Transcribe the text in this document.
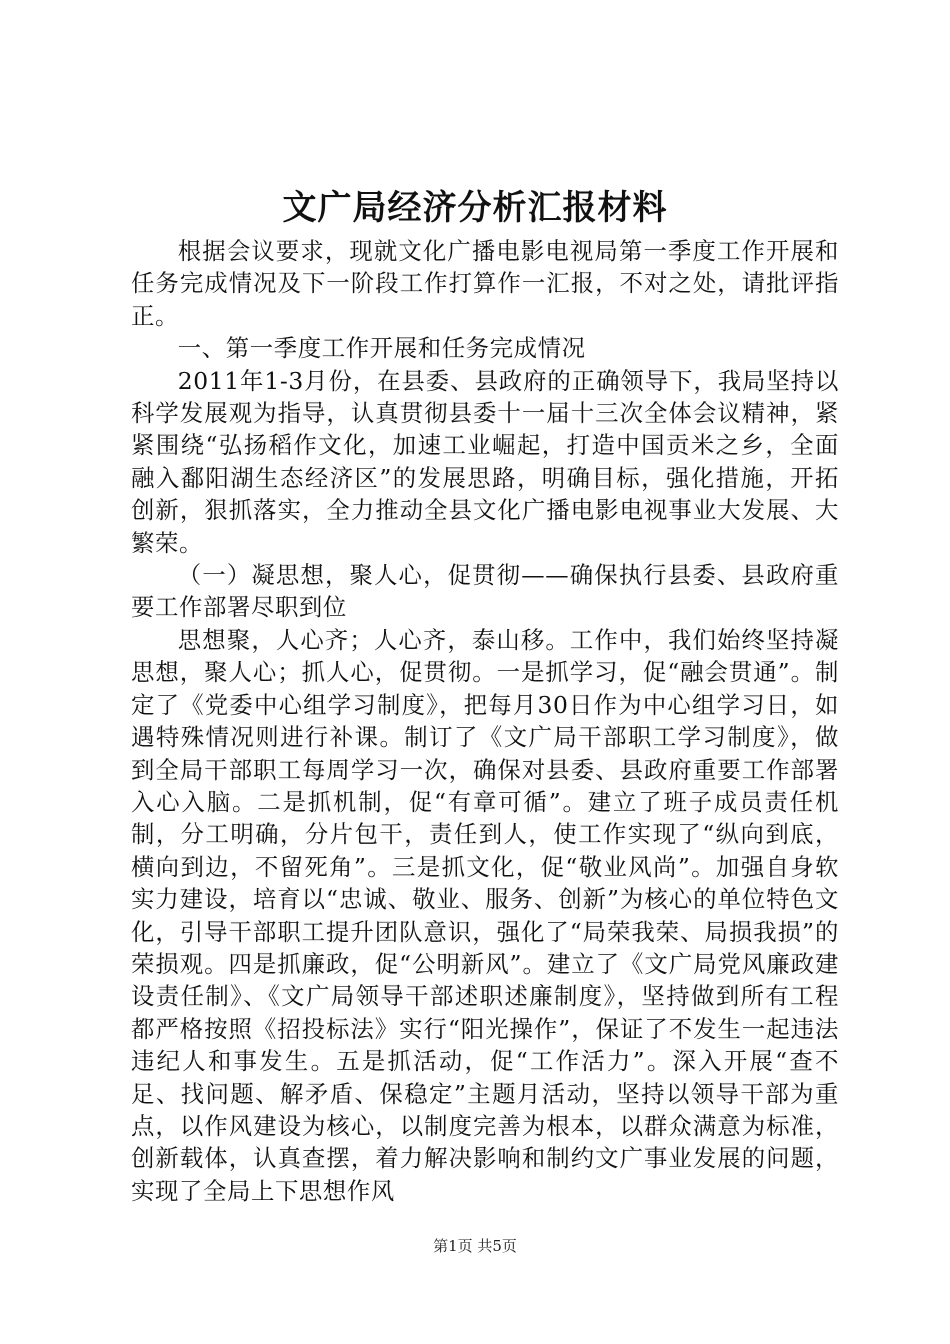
文广局经济分析汇报材料

根据会议要求，现就文化广播电影电视局第一季度工作开展和任务完成情况及下一阶段工作打算作一汇报，不对之处，请批评指正。

一、第一季度工作开展和任务完成情况

2011年1-3月份，在县委、县政府的正确领导下，我局坚持以科学发展观为指导，认真贯彻县委十一届十三次全体会议精神，紧紧围绕“弘扬稻作文化，加速工业崛起，打造中国贡米之乡，全面融入鄱阳湖生态经济区”的发展思路，明确目标，强化措施，开拓创新，狠抓落实，全力推动全县文化广播电影电视事业大发展、大繁荣。

（一）凝思想，聚人心，促贯彻——确保执行县委、县政府重要工作部署尽职到位

思想聚，人心齐；人心齐，泰山移。工作中，我们始终坚持凝思想，聚人心；抓人心，促贯彻。一是抓学习，促“融会贯通”。制定了《党委中心组学习制度》，把每月30日作为中心组学习日，如遇特殊情况则进行补课。制订了《文广局干部职工学习制度》，做到全局干部职工每周学习一次，确保对县委、县政府重要工作部署入心入脑。二是抓机制，促“有章可循”。建立了班子成员责任机制，分工明确，分片包干，责任到人，使工作实现了“纵向到底，横向到边，不留死角”。三是抓文化，促“敬业风尚”。加强自身软实力建设，培育以“忠诚、敬业、服务、创新”为核心的单位特色文化，引导干部职工提升团队意识，强化了“局荣我荣、局损我损”的荣损观。四是抓廉政，促“公明新风”。建立了《文广局党风廉政建设责任制》、《文广局领导干部述职述廉制度》，坚持做到所有工程都严格按照《招投标法》实行“阳光操作”，保证了不发生一起违法违纪人和事发生。五是抓活动，促“工作活力”。深入开展“查不足、找问题、解矛盾、保稳定”主题月活动，坚持以领导干部为重点，以作风建设为核心，以制度完善为根本，以群众满意为标准，创新载体，认真查摆，着力解决影响和制约文广事业发展的问题，实现了全局上下思想作风

第1页 共5页
